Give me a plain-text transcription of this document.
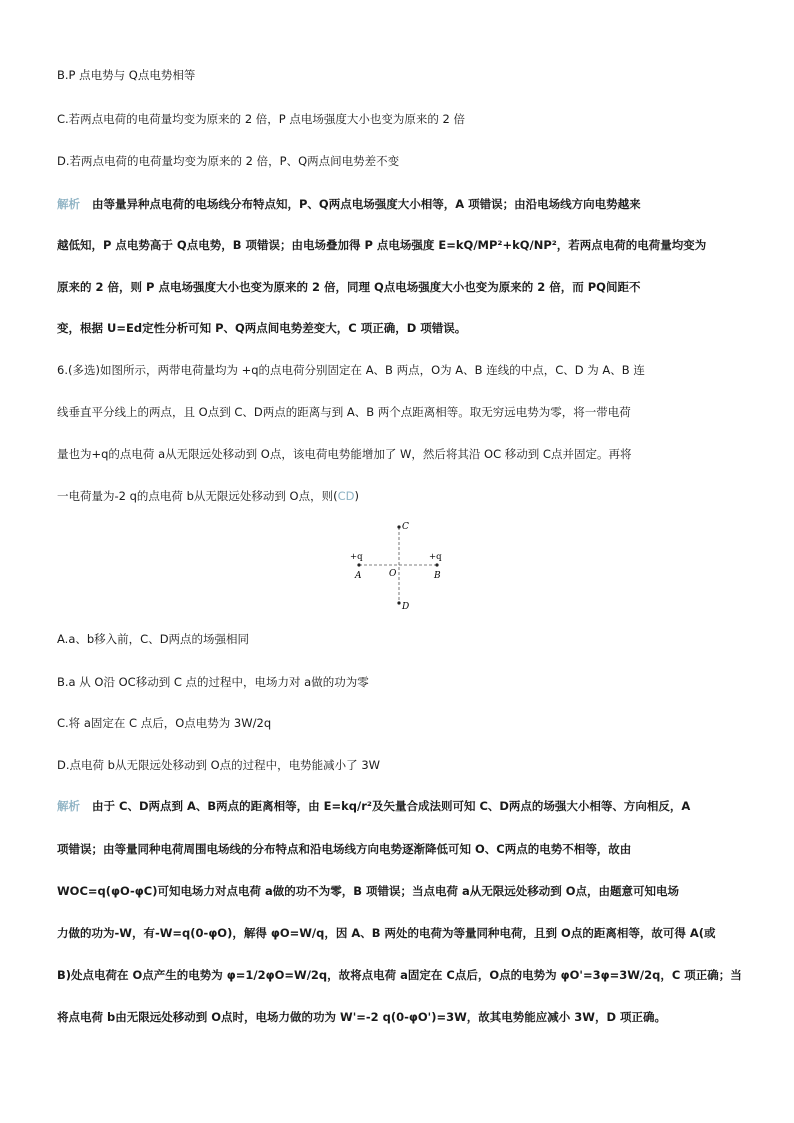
B.P 点电势与 Q点电势相等
C.若两点电荷的电荷量均变为原来的 2 倍，P 点电场强度大小也变为原来的 2 倍
D.若两点电荷的电荷量均变为原来的 2 倍，P、Q两点间电势差不变
解析 由等量异种点电荷的电场线分布特点知，P、Q两点电场强度大小相等，A 项错误；由沿电场线方向电势越来
越低知，P 点电势高于 Q点电势，B 项错误；由电场叠加得 P 点电场强度 E=kQ/MP²+kQ/NP²，若两点电荷的电荷量均变为
原来的 2 倍，则 P 点电场强度大小也变为原来的 2 倍，同理 Q点电场强度大小也变为原来的 2 倍，而 PQ间距不
变，根据 U=Ed定性分析可知 P、Q两点间电势差变大，C 项正确，D 项错误。
6.(多选)如图所示，两带电荷量均为 +q的点电荷分别固定在 A、B 两点，O为 A、B 连线的中点，C、D 为 A、B 连
线垂直平分线上的两点，且 O点到 C、D两点的距离与到 A、B 两个点距离相等。取无穷远电势为零，将一带电荷
量也为+q的点电荷 a从无限远处移动到 O点，该电荷电势能增加了 W，然后将其沿 OC 移动到 C点并固定。再将
一电荷量为-2 q的点电荷 b从无限远处移动到 O点，则(CD)
C
D
A	B
O
+q	+q
A.a、b移入前，C、D两点的场强相同
B.a 从 O沿 OC移动到 C 点的过程中，电场力对 a做的功为零
C.将 a固定在 C 点后，O点电势为 3W/2q
D.点电荷 b从无限远处移动到 O点的过程中，电势能减小了 3W
解析 由于 C、D两点到 A、B两点的距离相等，由 E=kq/r²及矢量合成法则可知 C、D两点的场强大小相等、方向相反，A
项错误；由等量同种电荷周围电场线的分布特点和沿电场线方向电势逐渐降低可知 O、C两点的电势不相等，故由
WOC=q(φO-φC)可知电场力对点电荷 a做的功不为零，B 项错误；当点电荷 a从无限远处移动到 O点，由题意可知电场
力做的功为-W，有-W=q(0-φO)，解得 φO=W/q，因 A、B 两处的电荷为等量同种电荷，且到 O点的距离相等，故可得 A(或
B)处点电荷在 O点产生的电势为 φ=1/2φO=W/2q，故将点电荷 a固定在 C点后，O点的电势为 φO'=3φ=3W/2q，C 项正确；当
将点电荷 b由无限远处移动到 O点时，电场力做的功为 W'=-2 q(0-φO')=3W，故其电势能应减小 3W，D 项正确。
